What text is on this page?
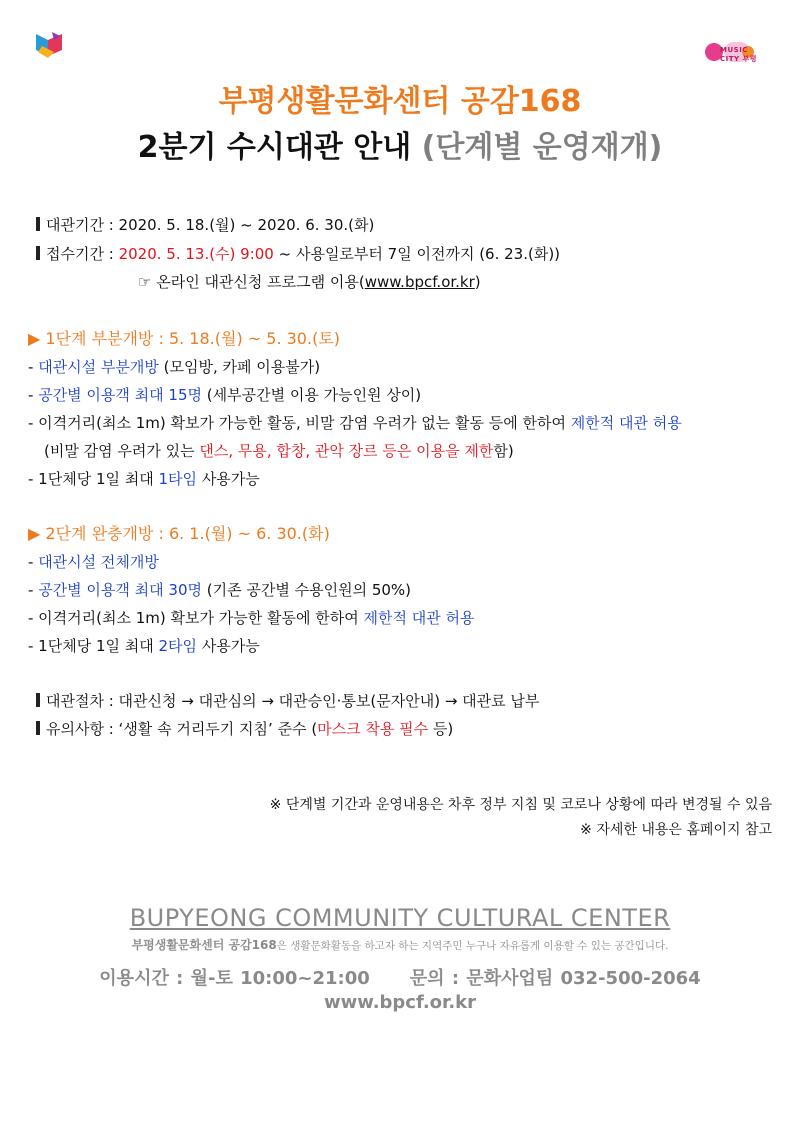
MUSIC CITY 부평
부평생활문화센터 공감168
2분기 수시대관 안내 (단계별 운영재개)
대관기간 : 2020. 5. 18.(월) ~ 2020. 6. 30.(화)
접수기간 : 2020. 5. 13.(수) 9:00 ~ 사용일로부터 7일 이전까지 (6. 23.(화))
☞ 온라인 대관신청 프로그램 이용(www.bpcf.or.kr)
▶ 1단계 부분개방 : 5. 18.(월) ~ 5. 30.(토)
- 대관시설 부분개방 (모임방, 카페 이용불가)
- 공간별 이용객 최대 15명 (세부공간별 이용 가능인원 상이)
- 이격거리(최소 1m) 확보가 가능한 활동, 비말 감염 우려가 없는 활동 등에 한하여 제한적 대관 허용
(비말 감염 우려가 있는 댄스, 무용, 합창, 관악 장르 등은 이용을 제한함)
- 1단체당 1일 최대 1타임 사용가능
▶ 2단계 완충개방 : 6. 1.(월) ~ 6. 30.(화)
- 대관시설 전체개방
- 공간별 이용객 최대 30명 (기존 공간별 수용인원의 50%)
- 이격거리(최소 1m) 확보가 가능한 활동에 한하여 제한적 대관 허용
- 1단체당 1일 최대 2타임 사용가능
대관절차 : 대관신청 → 대관심의 → 대관승인·통보(문자안내) → 대관료 납부
유의사항 : ‘생활 속 거리두기 지침’ 준수 (마스크 착용 필수 등)
※ 단계별 기간과 운영내용은 차후 정부 지침 및 코로나 상황에 따라 변경될 수 있음
※ 자세한 내용은 홈페이지 참고
BUPYEONG COMMUNITY CULTURAL CENTER
부평생활문화센터 공감168은 생활문화활동을 하고자 하는 지역주민 누구나 자유롭게 이용할 수 있는 공간입니다.
이용시간 : 월-토 10:00~21:00 문의 : 문화사업팀 032-500-2064
www.bpcf.or.kr
